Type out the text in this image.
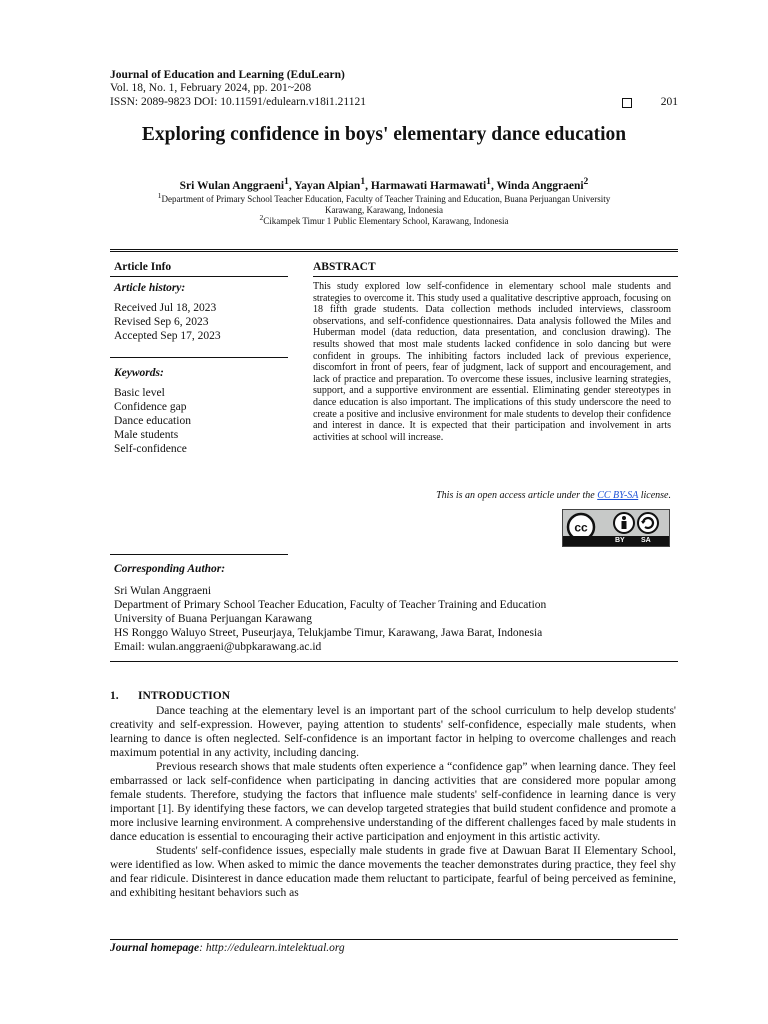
Journal of Education and Learning (EduLearn)
Vol. 18, No. 1, February 2024, pp. 201~208
ISSN: 2089-9823 DOI: 10.11591/edulearn.v18i1.21121	201
Exploring confidence in boys' elementary dance education
Sri Wulan Anggraeni$^1$, Yayan Alpian$^1$, Harmawati Harmawati$^1$, Winda Anggraeni$^2$
$^1$Department of Primary School Teacher Education, Faculty of Teacher Training and Education, Buana Perjuangan University
Karawang, Karawang, Indonesia
$^2$Cikampek Timur 1 Public Elementary School, Karawang, Indonesia
Article Info
Article history:
Received Jul 18, 2023
Revised Sep 6, 2023
Accepted Sep 17, 2023
Keywords:
Basic level
Confidence gap
Dance education
Male students
Self-confidence
ABSTRACT
This study explored low self-confidence in elementary school male students and strategies to overcome it. This study used a qualitative descriptive approach, focusing on 18 fifth grade students. Data collection methods included interviews, classroom observations, and self-confidence questionnaires. Data analysis followed the Miles and Huberman model (data reduction, data presentation, and conclusion drawing). The results showed that most male students lacked confidence in solo dancing but were confident in groups. The inhibiting factors included lack of previous experience, discomfort in front of peers, fear of judgment, lack of support and encouragement, and lack of practice and preparation. To overcome these issues, inclusive learning strategies, support, and a supportive environment are essential. Eliminating gender stereotypes in dance education is also important. The implications of this study underscore the need to create a positive and inclusive environment for male students to develop their confidence and interest in dance. It is expected that their participation and involvement in arts activities at school will increase.
This is an open access article under the CC BY-SA license.
cc
BY SA
Corresponding Author:
Sri Wulan Anggraeni
Department of Primary School Teacher Education, Faculty of Teacher Training and Education
University of Buana Perjuangan Karawang
HS Ronggo Waluyo Street, Puseurjaya, Telukjambe Timur, Karawang, Jawa Barat, Indonesia
Email: wulan.anggraeni@ubpkarawang.ac.id
1. INTRODUCTION

Dance teaching at the elementary level is an important part of the school curriculum to help develop students' creativity and self-expression. However, paying attention to students' self-confidence, especially male students, when learning to dance is often neglected. Self-confidence is an important factor in helping to overcome challenges and reach maximum potential in any activity, including dancing.

Previous research shows that male students often experience a “confidence gap” when learning dance. They feel embarrassed or lack self-confidence when participating in dancing activities that are considered more popular among female students. Therefore, studying the factors that influence male students' self-confidence in learning dance is very important [1]. By identifying these factors, we can develop targeted strategies that build student confidence and promote a more inclusive learning environment. A comprehensive understanding of the different challenges faced by male students in dance education is essential to encouraging their active participation and enjoyment in this artistic activity.

Students' self-confidence issues, especially male students in grade five at Dawuan Barat II Elementary School, were identified as low. When asked to mimic the dance movements the teacher demonstrates during practice, they feel shy and fear ridicule. Disinterest in dance education made them reluctant to participate, fearful of being perceived as feminine, and exhibiting hesitant behaviors such as

Journal homepage: http://edulearn.intelektual.org
